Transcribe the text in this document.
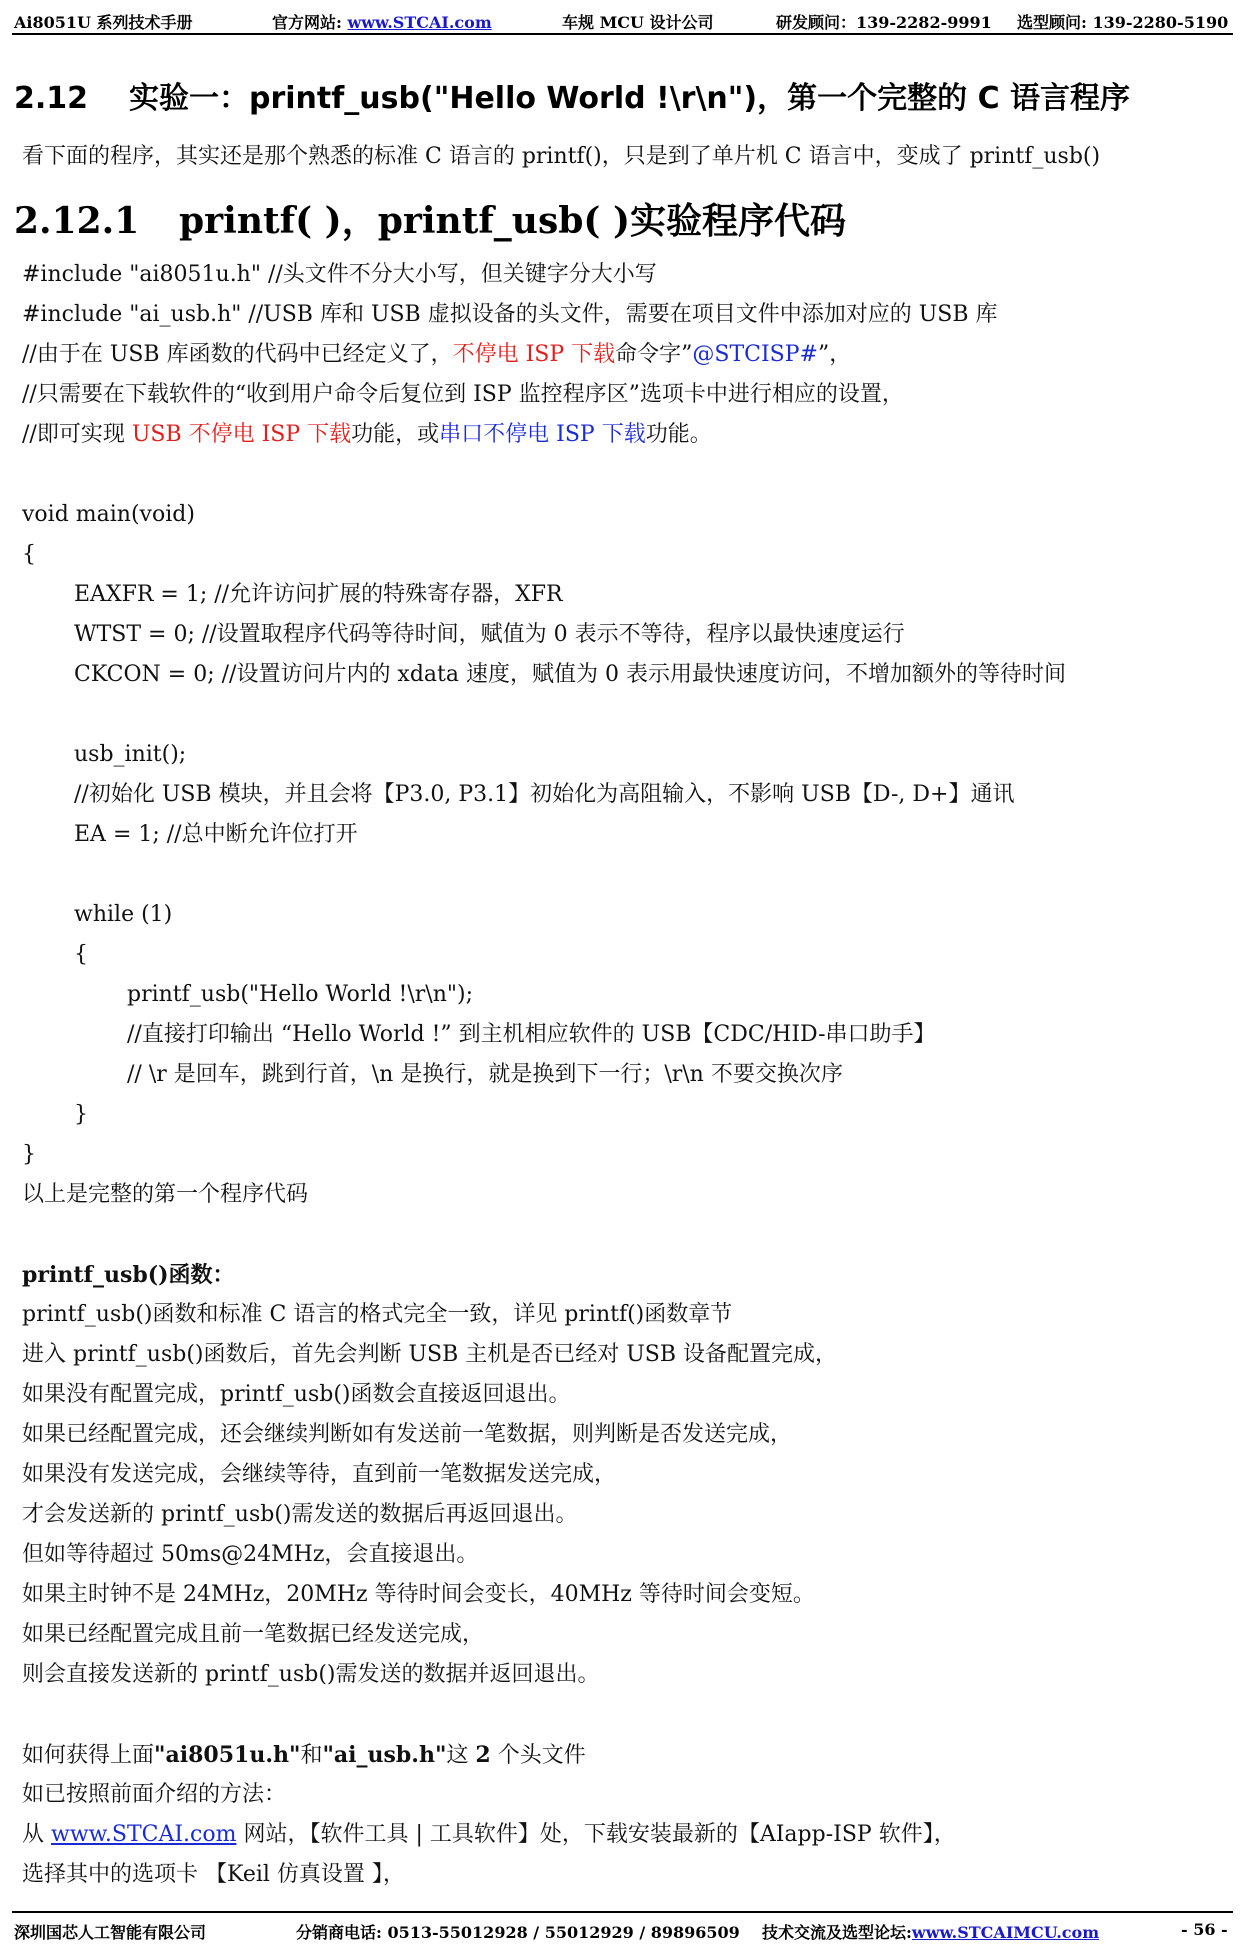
Ai8051U 系列技术手册	官方网站: www.STCAI.com	车规 MCU 设计公司	研发顾问：139-2282-9991 选型顾问: 139-2280-5190
2.12 实验一：printf_usb("Hello World !\r\n")，第一个完整的 C 语言程序
看下面的程序，其实还是那个熟悉的标准 C 语言的 printf()，只是到了单片机 C 语言中，变成了 printf_usb()
2.12.1 printf( )，printf_usb( )实验程序代码
#include "ai8051u.h" //头文件不分大小写，但关键字分大小写
#include "ai_usb.h" //USB 库和 USB 虚拟设备的头文件，需要在项目文件中添加对应的 USB 库
//由于在 USB 库函数的代码中已经定义了，不停电 ISP 下载命令字”@STCISP#”，
//只需要在下载软件的“收到用户命令后复位到 ISP 监控程序区”选项卡中进行相应的设置，
//即可实现 USB 不停电 ISP 下载功能，或串口不停电 ISP 下载功能。
void main(void)
{
EAXFR = 1; //允许访问扩展的特殊寄存器，XFR
WTST = 0; //设置取程序代码等待时间，赋值为 0 表示不等待，程序以最快速度运行
CKCON = 0; //设置访问片内的 xdata 速度，赋值为 0 表示用最快速度访问，不增加额外的等待时间
usb_init();
//初始化 USB 模块，并且会将【P3.0, P3.1】初始化为高阻输入，不影响 USB【D-, D+】通讯
EA = 1; //总中断允许位打开
while (1)
{
printf_usb("Hello World !\r\n");
//直接打印输出 “Hello World !” 到主机相应软件的 USB【CDC/HID-串口助手】
// \r 是回车，跳到行首，\n 是换行，就是换到下一行；\r\n 不要交换次序
}
}
以上是完整的第一个程序代码
printf_usb()函数：
printf_usb()函数和标准 C 语言的格式完全一致，详见 printf()函数章节
进入 printf_usb()函数后，首先会判断 USB 主机是否已经对 USB 设备配置完成，
如果没有配置完成，printf_usb()函数会直接返回退出。
如果已经配置完成，还会继续判断如有发送前一笔数据，则判断是否发送完成，
如果没有发送完成，会继续等待，直到前一笔数据发送完成，
才会发送新的 printf_usb()需发送的数据后再返回退出。
但如等待超过 50ms@24MHz，会直接退出。
如果主时钟不是 24MHz，20MHz 等待时间会变长，40MHz 等待时间会变短。
如果已经配置完成且前一笔数据已经发送完成，
则会直接发送新的 printf_usb()需发送的数据并返回退出。
如何获得上面"ai8051u.h"和"ai_usb.h"这 2 个头文件
如已按照前面介绍的方法：
从 www.STCAI.com 网站，【软件工具 | 工具软件】处，下载安装最新的【AIapp-ISP 软件】，
选择其中的选项卡 【Keil 仿真设置 】，
深圳国芯人工智能有限公司	分销商电话: 0513-55012928 / 55012929 / 89896509 技术交流及选型论坛:www.STCAIMCU.com	- 56 -
